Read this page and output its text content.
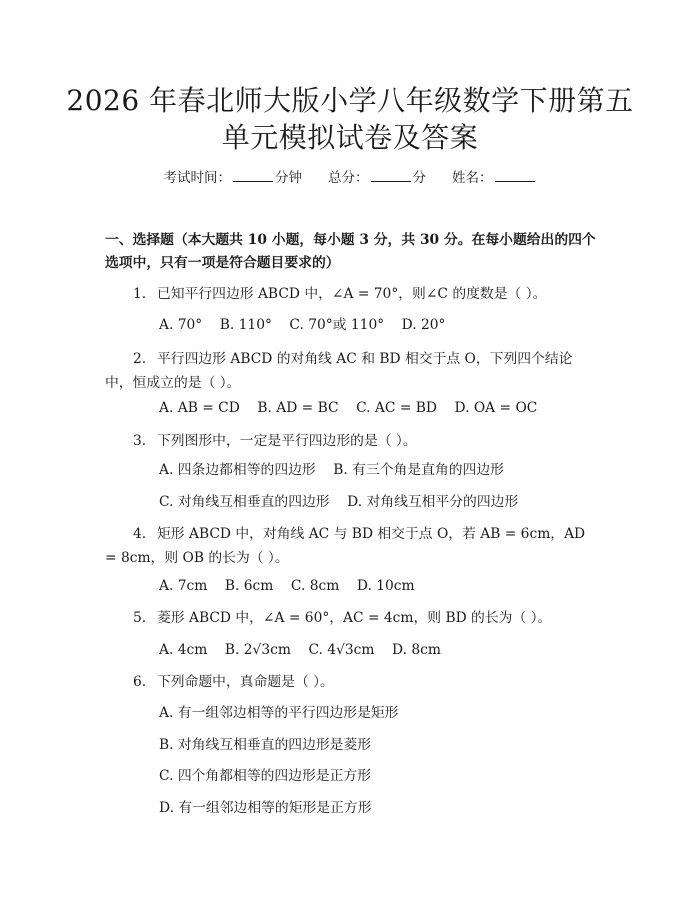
2026 年春北师大版小学八年级数学下册第五
单元模拟试卷及答案
考试时间：	分钟 总分：	分 姓名：
一、选择题（本大题共 10 小题，每小题 3 分，共 30 分。在每小题给出的四个选项中，只有一项是符合题目要求的）
1. 已知平行四边形 ABCD 中，∠A = 70°，则∠C 的度数是（ ）。
A. 70°    B. 110°    C. 70°或 110°    D. 20°
2. 平行四边形 ABCD 的对角线 AC 和 BD 相交于点 O，下列四个结论中，恒成立的是（ ）。
A. AB = CD    B. AD = BC    C. AC = BD    D. OA = OC
3. 下列图形中，一定是平行四边形的是（ ）。
A. 四条边都相等的四边形    B. 有三个角是直角的四边形
C. 对角线互相垂直的四边形    D. 对角线互相平分的四边形
4. 矩形 ABCD 中，对角线 AC 与 BD 相交于点 O，若 AB = 6cm，AD = 8cm，则 OB 的长为（ ）。
A. 7cm    B. 6cm    C. 8cm    D. 10cm
5. 菱形 ABCD 中，∠A = 60°，AC = 4cm，则 BD 的长为（ ）。
A. 4cm    B. 2√3cm    C. 4√3cm    D. 8cm
6. 下列命题中，真命题是（ ）。
A. 有一组邻边相等的平行四边形是矩形
B. 对角线互相垂直的四边形是菱形
C. 四个角都相等的四边形是正方形
D. 有一组邻边相等的矩形是正方形
